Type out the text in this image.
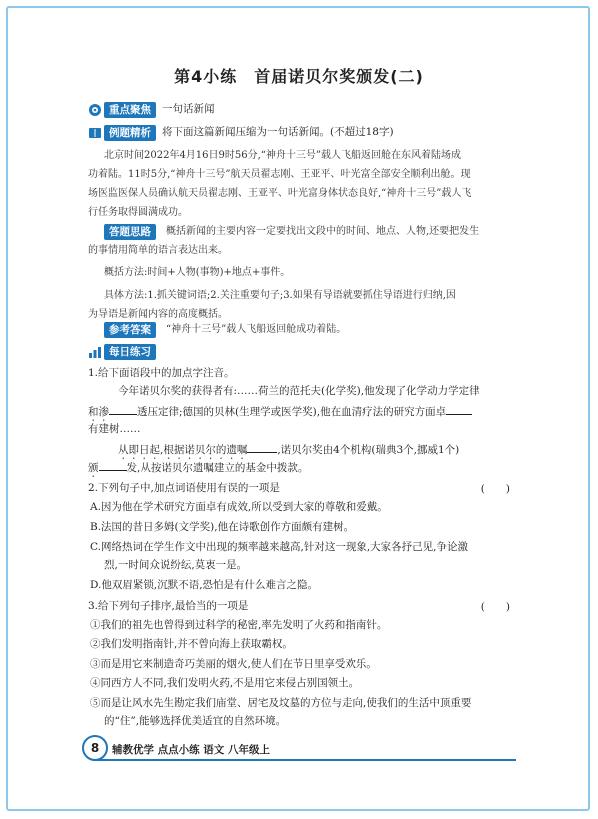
第4小练　首届诺贝尔奖颁发(二)
重点聚焦	一句话新闻
例题精析	将下面这篇新闻压缩为一句话新闻。(不超过18字)
北京时间2022年4月16日9时56分,“神舟十三号”载人飞船返回舱在东风着陆场成
功着陆。11时5分,“神舟十三号”航天员翟志刚、王亚平、叶光富全部安全顺利出舱。现
场医监医保人员确认航天员翟志刚、王亚平、叶光富身体状态良好,“神舟十三号”载人飞
行任务取得圆满成功。
答题思路	概括新闻的主要内容一定要找出文段中的时间、地点、人物,还要把发生
的事情用简单的语言表达出来。
概括方法:时间+人物(事物)+地点+事件。
具体方法:1.抓关键词语;2.关注重要句子;3.如果有导语就要抓住导语进行归纳,因
为导语是新闻内容的高度概括。
参考答案	“神舟十三号”载人飞船返回舱成功着陆。
每日练习
1.给下面语段中的加点字注音。
今年诺贝尔奖的获得者有:……荷兰的范托夫(化学奖),他发现了化学动力学定律
和渗	透压定律;德国的贝林(生理学或医学奖),他在血清疗法的研究方面卓
有建树……
从即日起,根据诺贝尔的遗嘱	,诺贝尔奖由4个机构(瑞典3个,挪威1个)
颁	发,从按诺贝尔遗嘱建立的基金中拨款。
2.下列句子中,加点词语使用有误的一项是	(　　)
A.因为他在学术研究方面卓有成效,所以受到大家的尊敬和爱戴。
B.法国的昔日多姆(文学奖),他在诗歌创作方面颇有建树。
C.网络热词在学生作文中出现的频率越来越高,针对这一现象,大家各抒己见,争论激
烈,一时间众说纷纭,莫衷一是。
D.他双眉紧锁,沉默不语,恐怕是有什么难言之隐。
3.给下列句子排序,最恰当的一项是	(　　)
①我们的祖先也曾得到过科学的秘密,率先发明了火药和指南针。
②我们发明指南针,并不曾向海上获取霸权。
③而是用它来制造奇巧美丽的烟火,使人们在节日里享受欢乐。
④同西方人不同,我们发明火药,不是用它来侵占别国领土。
⑤而是让风水先生勘定我们庙堂、居宅及坟墓的方位与走向,使我们的生活中顶重要
的“住”,能够选择优美适宜的自然环境。
8	辅教优学 点点小练 语文 八年级上
